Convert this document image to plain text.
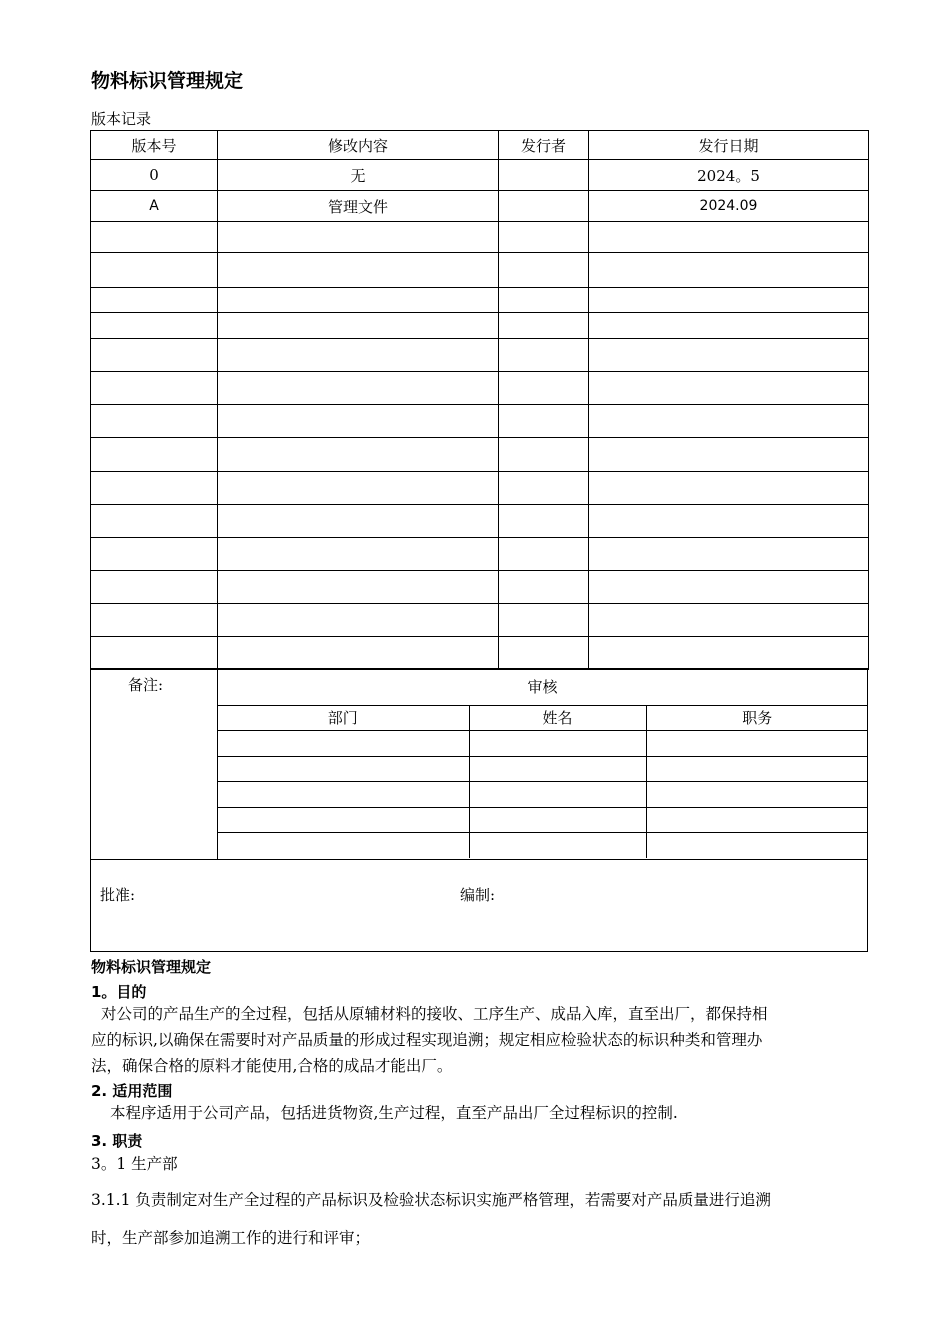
物料标识管理规定
版本记录
版本号	修改内容	发行者	发行日期
0	无		2024。5
A	管理文件		2024.09

备注:	审核		
部门	姓名	职务

批准:	编制:
物料标识管理规定
1。目的
对公司的产品生产的全过程，包括从原辅材料的接收、工序生产、成品入库，直至出厂，都保持相
应的标识,以确保在需要时对产品质量的形成过程实现追溯；规定相应检验状态的标识种类和管理办
法，确保合格的原料才能使用,合格的成品才能出厂。
2. 适用范围
本程序适用于公司产品，包括进货物资,生产过程，直至产品出厂全过程标识的控制.
3. 职责
3。1 生产部
3.1.1 负责制定对生产全过程的产品标识及检验状态标识实施严格管理，若需要对产品质量进行追溯
时，生产部参加追溯工作的进行和评审；
